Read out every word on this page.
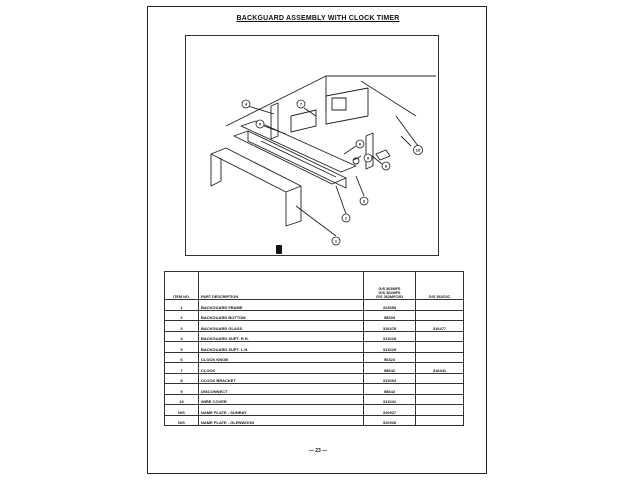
BACKGUARD ASSEMBLY WITH CLOCK TIMER
1
2
3
4
5
6
7
8
9
10
ITEM NO.	PART DESCRIPTION	G/S 363MFS
G/S 362MFS
G/S 362MFC0D	G/S 363C0C
1	BACKGUARD FRAME	313654	
2	BACKGUARD BOTTOM	58693	
3	BACKGUARD GLASS	316478	316477
4	BACKGUARD SUPT. R.H.	311028	
5	BACKGUARD SUPT. L.H.	311029	
6	CLOCK KNOB	56323	
7	CLOCK	58642	316441
8	CLOCK BRACKET	311094	
9	DISCONNECT	58642	
10	WIRE COVER	311041	
N/S	NAME PLATE - SUNRAY	310927	
N/S	NAME PLATE - GLENWOOD	310928	
— 23 —
